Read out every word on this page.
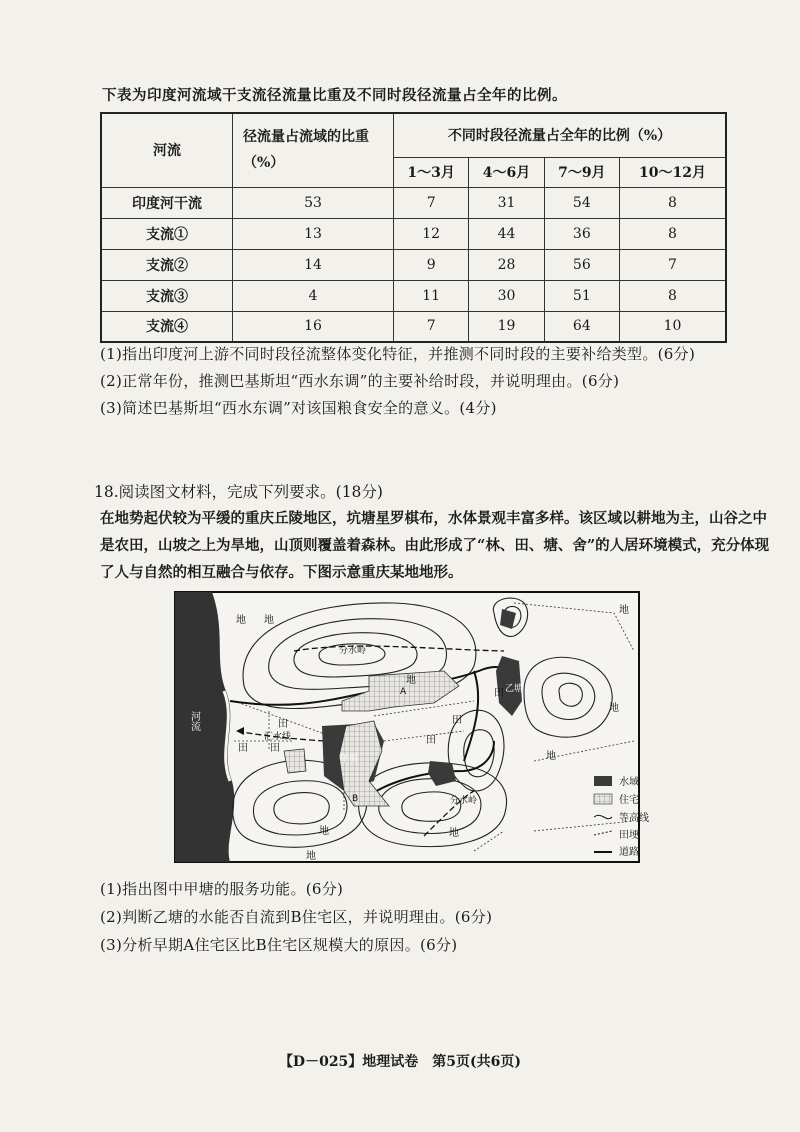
下表为印度河流域干支流径流量比重及不同时段径流量占全年的比例。
河流	径流量占流域的比重（%）	不同时段径流量占全年的比例（%）			
		1～3月	4～6月	7～9月	10～12月
印度河干流	53	7	31	54	8
支流①	13	12	44	36	8
支流②	14	9	28	56	7
支流③	4	11	30	51	8
支流④	16	7	19	64	10
(1)指出印度河上游不同时段径流整体变化特征，并推测不同时段的主要补给类型。(6分)
(2)正常年份，推测巴基斯坦“西水东调”的主要补给时段，并说明理由。(6分)
(3)简述巴基斯坦“西水东调”对该国粮食安全的意义。(4分)
18.阅读图文材料，完成下列要求。(18分)
在地势起伏较为平缓的重庆丘陵地区，坑塘星罗棋布，水体景观丰富多样。该区域以耕地为主，山谷之中是农田，山坡之上为旱地，山顶则覆盖着森林。由此形成了“林、田、塘、舍”的人居环境模式，充分体现了人与自然的相互融合与依存。下图示意重庆某地地形。
河流
地 地
地
地
地
地
地	地
地
田
田 田
田
田
田
甲塘
乙塘
A
B
分水岭
汇水线
分水岭
水域
住宅
等高线
田埂
道路
(1)指出图中甲塘的服务功能。(6分)
(2)判断乙塘的水能否自流到B住宅区，并说明理由。(6分)
(3)分析早期A住宅区比B住宅区规模大的原因。(6分)
【D－025】地理试卷　第5页(共6页)
